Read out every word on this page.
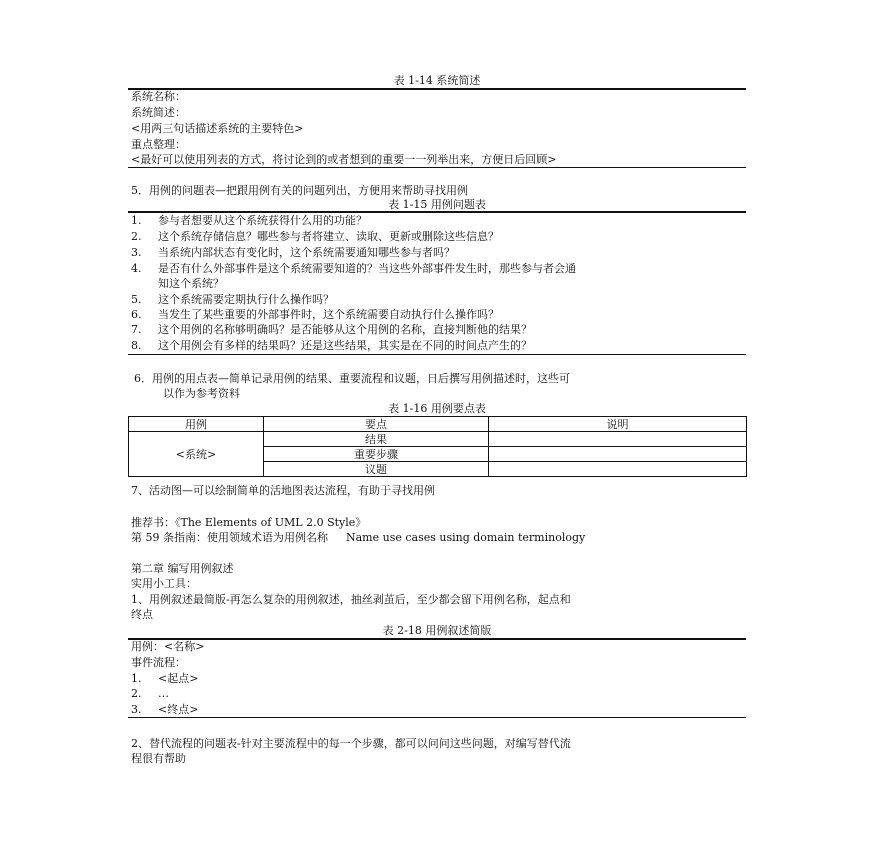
表 1-14 系统简述
系统名称：
系统简述：
<用两三句话描述系统的主要特色>
重点整理：
<最好可以使用列表的方式，将讨论到的或者想到的重要一一列举出来，方便日后回顾>
5．用例的问题表—把跟用例有关的问题列出，方便用来帮助寻找用例
表 1-15 用例问题表
1. 参与者想要从这个系统获得什么用的功能？
2. 这个系统存储信息？哪些参与者将建立、读取、更新或删除这些信息？
3. 当系统内部状态有变化时，这个系统需要通知哪些参与者吗？
4. 是否有什么外部事件是这个系统需要知道的？当这些外部事件发生时，那些参与者会通
知这个系统？
5. 这个系统需要定期执行什么操作吗？
6. 当发生了某些重要的外部事件时，这个系统需要自动执行什么操作吗？
7. 这个用例的名称够明确吗？是否能够从这个用例的名称，直接判断他的结果？
8. 这个用例会有多样的结果吗？还是这些结果，其实是在不同的时间点产生的？
6．用例的用点表—简单记录用例的结果、重要流程和议题，日后撰写用例描述时，这些可
以作为参考资料
表 1-16 用例要点表
用例	要点	说明
<系统>	结果	
	重要步骤	
	议题	
7、活动图—可以绘制简单的活地图表达流程，有助于寻找用例
推荐书：《The Elements of UML 2.0 Style》
第 59 条指南：使用领域术语为用例名称 Name use cases using domain terminology
第二章 编写用例叙述
实用小工具：
1、用例叙述最简版-再怎么复杂的用例叙述，抽丝剥茧后，至少都会留下用例名称，起点和
终点
表 2-18 用例叙述简版
用例：<名称>
事件流程：
1. <起点>
2. …
3. <终点>
2、替代流程的问题表-针对主要流程中的每一个步骤，都可以问问这些问题，对编写替代流
程很有帮助
